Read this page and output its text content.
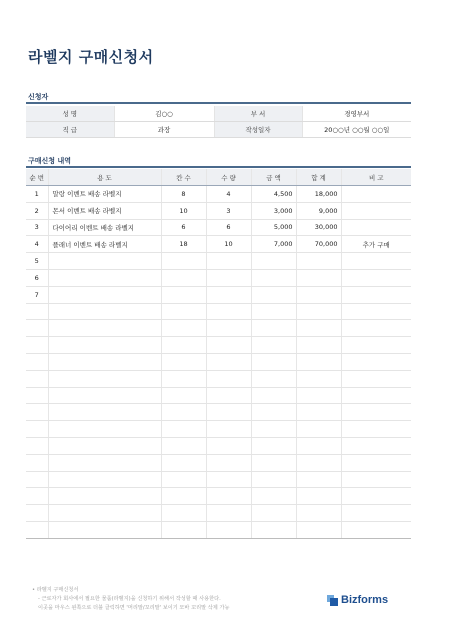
라벨지 구매신청서
신청자
성 명	김○○	부 서	경영부서
직 급	과장	작성일자	20○○년 ○○월 ○○일
구매신청 내역
순 번	용 도	칸 수	수 량	금 액	합 계	비 고
1	말랑 이벤트 배송 라벨지	8	4	4,500	18,000	
2	몬서 이벤트 배송 라벨지	10	3	3,000	9,000	
3	다이어리 이벤트 배송 라벨지	6	6	5,000	30,000	
4	플래너 이벤트 배송 라벨지	18	10	7,000	70,000	추가 구매
5						
6						
7						

• 라벨지 구매신청서
- 근로자가 회사에서 필요한 물품(라벨지)을 신청하기 위해서 작성할 때 사용한다.
이곳을 마우스 왼쪽으로 더블 클릭하면 '머리말/꼬리말' 보이기 모바 꼬리말 삭제 가능
Bizforms
